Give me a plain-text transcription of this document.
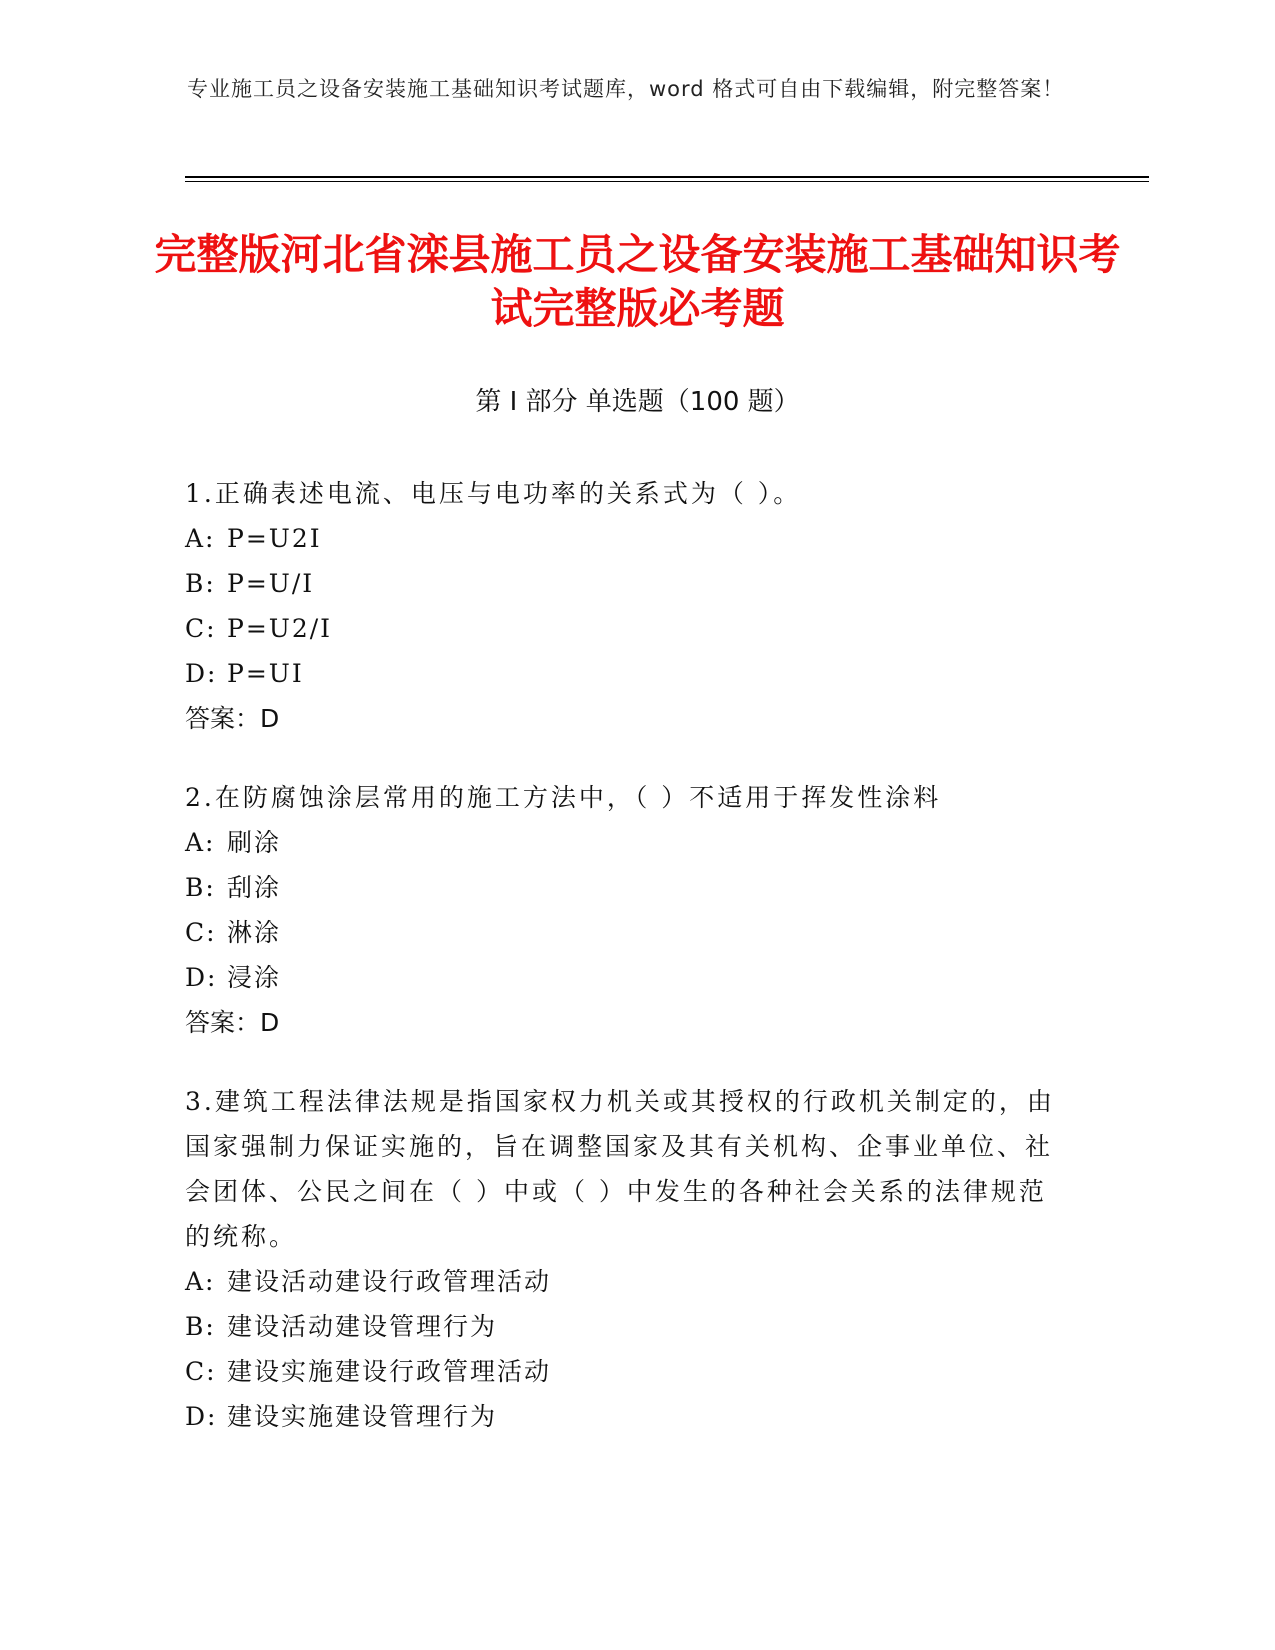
专业施工员之设备安装施工基础知识考试题库，word 格式可自由下载编辑，附完整答案！
完整版河北省滦县施工员之设备安装施工基础知识考试完整版必考题
第 I 部分 单选题（100 题）

1.正确表述电流、电压与电功率的关系式为（ ）。

A: P=U2I

B: P=U/I

C: P=U2/I

D: P=UI

答案：D

2.在防腐蚀涂层常用的施工方法中，（ ）不适用于挥发性涂料

A: 刷涂

B: 刮涂

C: 淋涂

D: 浸涂

答案：D

3.建筑工程法律法规是指国家权力机关或其授权的行政机关制定的，由国家强制力保证实施的，旨在调整国家及其有关机构、企事业单位、社会团体、公民之间在（ ）中或（ ）中发生的各种社会关系的法律规范的统称。

A: 建设活动建设行政管理活动

B: 建设活动建设管理行为

C: 建设实施建设行政管理活动

D: 建设实施建设管理行为
